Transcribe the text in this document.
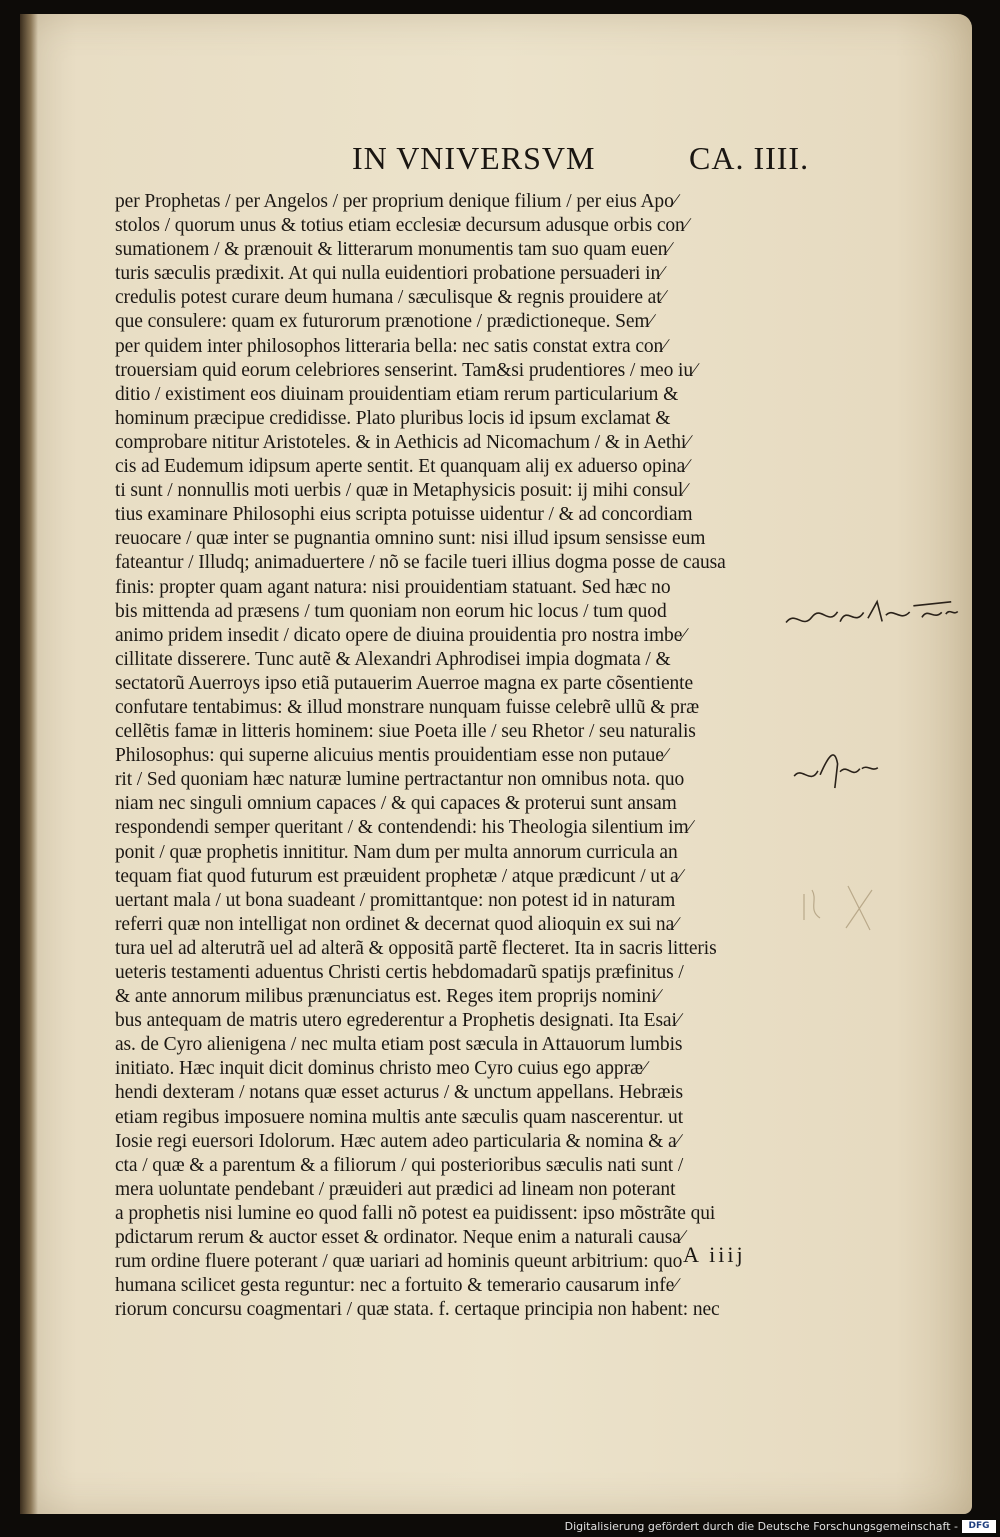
IN VNIVERSVM	CA. IIII.
per Prophetas / per Angelos / per proprium denique filium / per eius Apo∕
stolos / quorum unus & totius etiam ecclesiæ decursum adusque orbis con∕
sumationem / & prænouit & litterarum monumentis tam suo quam euen∕
turis sæculis prædixit. At qui nulla euidentiori probatione persuaderi in∕
credulis potest curare deum humana / sæculisque & regnis prouidere at∕
que consulere: quam ex futurorum prænotione / prædictioneque. Sem∕
per quidem inter philosophos litteraria bella: nec satis constat extra con∕
trouersiam quid eorum celebriores senserint. Tam&si prudentiores / meo iu∕
ditio / existiment eos diuinam prouidentiam etiam rerum particularium &
hominum præcipue credidisse. Plato pluribus locis id ipsum exclamat &
comprobare nititur Aristoteles. & in Aethicis ad Nicomachum / & in Aethi∕
cis ad Eudemum idipsum aperte sentit. Et quanquam alij ex aduerso opina∕
ti sunt / nonnullis moti uerbis / quæ in Metaphysicis posuit: ij mihi consul∕
tius examinare Philosophi eius scripta potuisse uidentur / & ad concordiam
reuocare / quæ inter se pugnantia omnino sunt: nisi illud ipsum sensisse eum
fateantur / Illudq; animaduertere / nõ se facile tueri illius dogma posse de causa
finis: propter quam agant natura: nisi prouidentiam statuant. Sed hæc no
bis mittenda ad præsens / tum quoniam non eorum hic locus / tum quod
animo pridem insedit / dicato opere de diuina prouidentia pro nostra imbe∕
cillitate disserere. Tunc autẽ & Alexandri Aphrodisei impia dogmata / &
sectatorũ Auerroys ipso etiã putauerim Auerroe magna ex parte cõsentiente
confutare tentabimus: & illud monstrare nunquam fuisse celebrẽ ullũ & præ
cellẽtis famæ in litteris hominem: siue Poeta ille / seu Rhetor / seu naturalis
Philosophus: qui superne alicuius mentis prouidentiam esse non putaue∕
rit / Sed quoniam hæc naturæ lumine pertractantur non omnibus nota. quo
niam nec singuli omnium capaces / & qui capaces & proterui sunt ansam
respondendi semper queritant / & contendendi: his Theologia silentium im∕
ponit / quæ prophetis innititur. Nam dum per multa annorum curricula an
tequam fiat quod futurum est præuident prophetæ / atque prædicunt / ut a∕
uertant mala / ut bona suadeant / promittantque: non potest id in naturam
referri quæ non intelligat non ordinet & decernat quod alioquin ex sui na∕
tura uel ad alterutrã uel ad alterã & oppositã partẽ flecteret. Ita in sacris litteris
ueteris testamenti aduentus Christi certis hebdomadarũ spatijs præfinitus /
& ante annorum milibus prænunciatus est. Reges item proprijs nomini∕
bus antequam de matris utero egrederentur a Prophetis designati. Ita Esai∕
as. de Cyro alienigena / nec multa etiam post sæcula in Attauorum lumbis
initiato. Hæc inquit dicit dominus christo meo Cyro cuius ego appræ∕
hendi dexteram / notans quæ esset acturus / & unctum appellans. Hebræis
etiam regibus imposuere nomina multis ante sæculis quam nascerentur. ut
Iosie regi euersori Idolorum. Hæc autem adeo particularia & nomina & a∕
cta / quæ & a parentum & a filiorum / qui posterioribus sæculis nati sunt /
mera uoluntate pendebant / præuideri aut prædici ad lineam non poterant
a prophetis nisi lumine eo quod falli nõ potest ea puidissent: ipso mõstrãte qui
pdictarum rerum & auctor esset & ordinator. Neque enim a naturali causa∕
rum ordine fluere poterant / quæ uariari ad hominis queunt arbitrium: quo
humana scilicet gesta reguntur: nec a fortuito & temerario causarum infe∕
riorum concursu coagmentari / quæ stata. f. certaque principia non habent: nec
A iiij
Digitalisierung gefördert durch die Deutsche Forschungsgemeinschaft -	DFG
